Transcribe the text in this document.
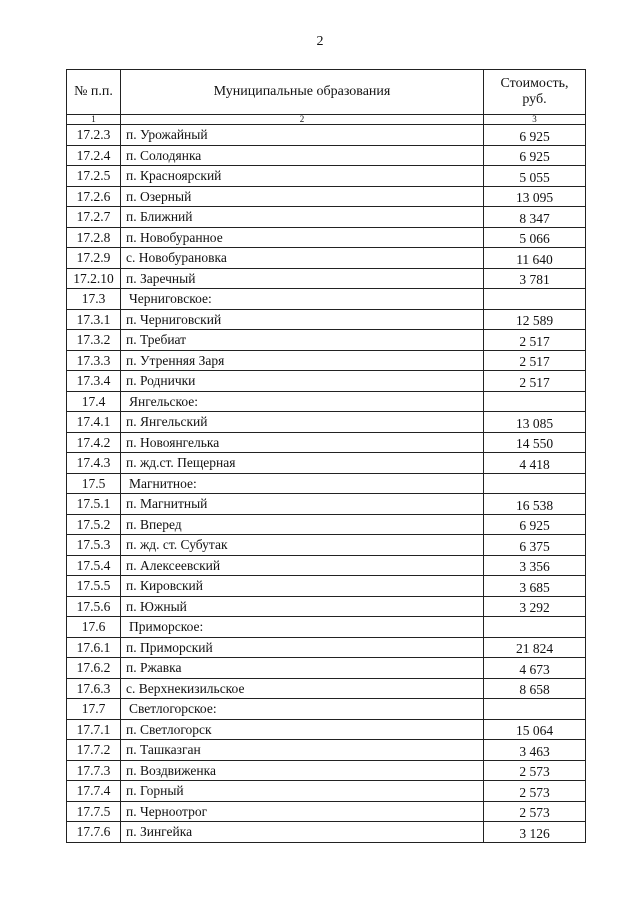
2
№ п.п.	Муниципальные образования	Стоимость, руб.
1	2	3
17.2.3	п. Урожайный	6 925
17.2.4	п. Солодянка	6 925
17.2.5	п. Красноярский	5 055
17.2.6	п. Озерный	13 095
17.2.7	п. Ближний	8 347
17.2.8	п. Новобуранное	5 066
17.2.9	с. Новобурановка	11 640
17.2.10	п. Заречный	3 781
17.3	Черниговское:	
17.3.1	п. Черниговский	12 589
17.3.2	п. Требиат	2 517
17.3.3	п. Утренняя Заря	2 517
17.3.4	п. Роднички	2 517
17.4	Янгельское:	
17.4.1	п. Янгельский	13 085
17.4.2	п. Новоянгелька	14 550
17.4.3	п. жд.ст. Пещерная	4 418
17.5	Магнитное:	
17.5.1	п. Магнитный	16 538
17.5.2	п. Вперед	6 925
17.5.3	п. жд. ст. Субутак	6 375
17.5.4	п. Алексеевский	3 356
17.5.5	п. Кировский	3 685
17.5.6	п. Южный	3 292
17.6	Приморское:	
17.6.1	п. Приморский	21 824
17.6.2	п. Ржавка	4 673
17.6.3	с. Верхнекизильское	8 658
17.7	Светлогорское:	
17.7.1	п. Светлогорск	15 064
17.7.2	п. Ташказган	3 463
17.7.3	п. Воздвиженка	2 573
17.7.4	п. Горный	2 573
17.7.5	п. Черноотрог	2 573
17.7.6	п. Зингейка	3 126
